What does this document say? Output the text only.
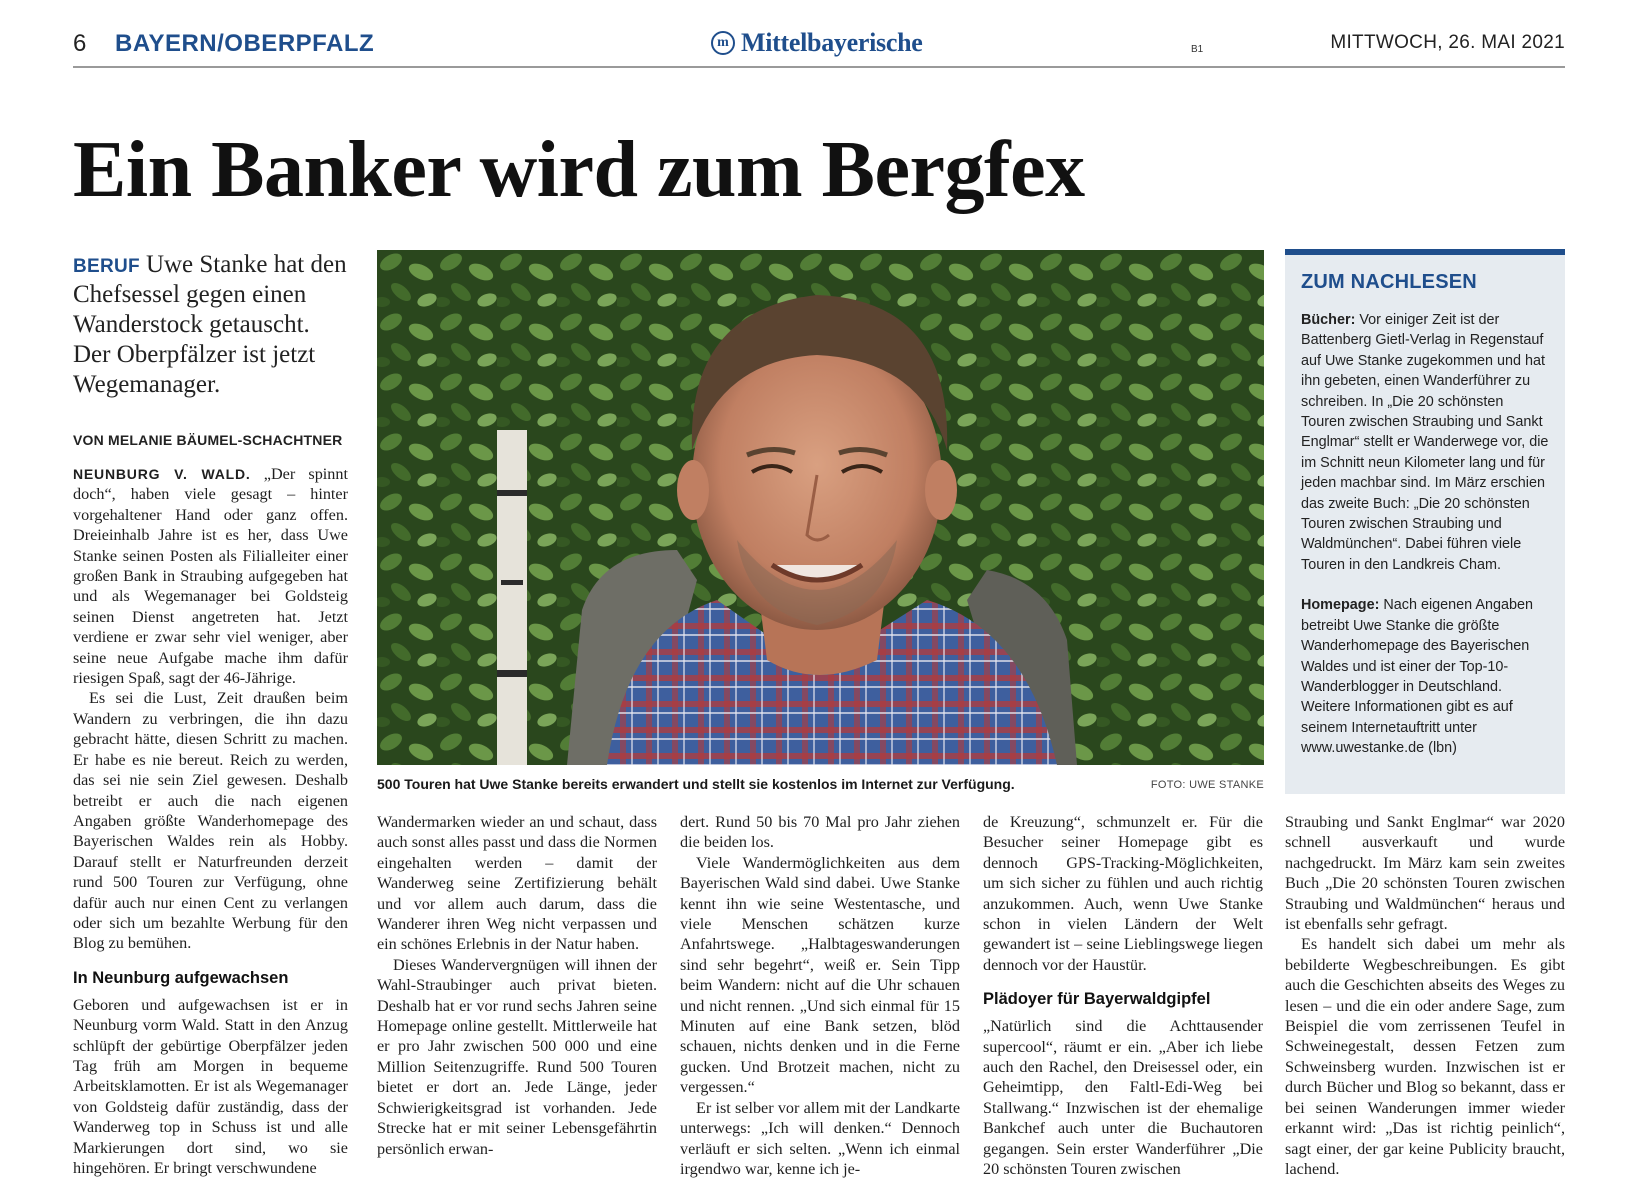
6 BAYERN/OBERPFALZ	m Mittelbayerische	B1	MITTWOCH, 26. MAI 2021
Ein Banker wird zum Bergfex
BERUF Uwe Stanke hat den Chefsessel gegen einen Wanderstock getauscht. Der Oberpfälzer ist jetzt Wegemanager.
VON MELANIE BÄUMEL-SCHACHTNER

NEUNBURG V. WALD. „Der spinnt doch“, haben viele gesagt – hinter vorgehaltener Hand oder ganz offen. Dreieinhalb Jahre ist es her, dass Uwe Stanke seinen Posten als Filialleiter einer großen Bank in Straubing aufgegeben hat und als Wegemanager bei Goldsteig seinen Dienst angetreten hat. Jetzt verdiene er zwar sehr viel weniger, aber seine neue Aufgabe mache ihm dafür riesigen Spaß, sagt der 46-Jährige.

Es sei die Lust, Zeit draußen beim Wandern zu verbringen, die ihn dazu gebracht hätte, diesen Schritt zu machen. Er habe es nie bereut. Reich zu werden, das sei nie sein Ziel gewesen. Deshalb betreibt er auch die nach eigenen Angaben größte Wanderhomepage des Bayerischen Waldes rein als Hobby. Darauf stellt er Naturfreunden derzeit rund 500 Touren zur Verfügung, ohne dafür auch nur einen Cent zu verlangen oder sich um bezahlte Werbung für den Blog zu bemühen.

In Neunburg aufgewachsen

Geboren und aufgewachsen ist er in Neunburg vorm Wald. Statt in den Anzug schlüpft der gebürtige Oberpfälzer jeden Tag früh am Morgen in bequeme Arbeitsklamotten. Er ist als Wegemanager von Goldsteig dafür zuständig, dass der Wanderweg top in Schuss ist und alle Markierungen dort sind, wo sie hingehören. Er bringt verschwundene

500 Touren hat Uwe Stanke bereits erwandert und stellt sie kostenlos im Internet zur Verfügung.	FOTO: UWE STANKE

Wandermarken wieder an und schaut, dass auch sonst alles passt und dass die Normen eingehalten werden – damit der Wanderweg seine Zertifizierung behält und vor allem auch darum, dass die Wanderer ihren Weg nicht verpassen und ein schönes Erlebnis in der Natur haben.

Dieses Wandervergnügen will ihnen der Wahl-Straubinger auch privat bieten. Deshalb hat er vor rund sechs Jahren seine Homepage online gestellt. Mittlerweile hat er pro Jahr zwischen 500 000 und eine Million Seitenzugriffe. Rund 500 Touren bietet er dort an. Jede Länge, jeder Schwierigkeitsgrad ist vorhanden. Jede Strecke hat er mit seiner Lebensgefährtin persönlich erwan-

dert. Rund 50 bis 70 Mal pro Jahr ziehen die beiden los.

Viele Wandermöglichkeiten aus dem Bayerischen Wald sind dabei. Uwe Stanke kennt ihn wie seine Westentasche, und viele Menschen schätzen kurze Anfahrtswege. „Halbtageswanderungen sind sehr begehrt“, weiß er. Sein Tipp beim Wandern: nicht auf die Uhr schauen und nicht rennen. „Und sich einmal für 15 Minuten auf eine Bank setzen, blöd schauen, nichts denken und in die Ferne gucken. Und Brotzeit machen, nicht zu vergessen.“

Er ist selber vor allem mit der Landkarte unterwegs: „Ich will denken.“ Dennoch verläuft er sich selten. „Wenn ich einmal irgendwo war, kenne ich je-

de Kreuzung“, schmunzelt er. Für die Besucher seiner Homepage gibt es dennoch GPS-Tracking-Möglichkeiten, um sich sicher zu fühlen und auch richtig anzukommen. Auch, wenn Uwe Stanke schon in vielen Ländern der Welt gewandert ist – seine Lieblingswege liegen dennoch vor der Haustür.

Plädoyer für Bayerwaldgipfel

„Natürlich sind die Achttausender supercool“, räumt er ein. „Aber ich liebe auch den Rachel, den Dreisessel oder, ein Geheimtipp, den Faltl-Edi-Weg bei Stallwang.“ Inzwischen ist der ehemalige Bankchef auch unter die Buchautoren gegangen. Sein erster Wanderführer „Die 20 schönsten Touren zwischen

Straubing und Sankt Englmar“ war 2020 schnell ausverkauft und wurde nachgedruckt. Im März kam sein zweites Buch „Die 20 schönsten Touren zwischen Straubing und Waldmünchen“ heraus und ist ebenfalls sehr gefragt.

Es handelt sich dabei um mehr als bebilderte Wegbeschreibungen. Es gibt auch die Geschichten abseits des Weges zu lesen – und die ein oder andere Sage, zum Beispiel die vom zerrissenen Teufel in Schweinegestalt, dessen Fetzen zum Schweinsberg wurden. Inzwischen ist er durch Bücher und Blog so bekannt, dass er bei seinen Wanderungen immer wieder erkannt wird: „Das ist richtig peinlich“, sagt einer, der gar keine Publicity braucht, lachend.

ZUM NACHLESEN

Bücher: Vor einiger Zeit ist der Battenberg Gietl-Verlag in Regenstauf auf Uwe Stanke zugekommen und hat ihn gebeten, einen Wanderführer zu schreiben. In „Die 20 schönsten Touren zwischen Straubing und Sankt Englmar“ stellt er Wanderwege vor, die im Schnitt neun Kilometer lang und für jeden machbar sind. Im März erschien das zweite Buch: „Die 20 schönsten Touren zwischen Straubing und Waldmünchen“. Dabei führen viele Touren in den Landkreis Cham.

Homepage: Nach eigenen Angaben betreibt Uwe Stanke die größte Wanderhomepage des Bayerischen Waldes und ist einer der Top-10-Wanderblogger in Deutschland. Weitere Informationen gibt es auf seinem Internetauftritt unter www.uwestanke.de (lbn)
